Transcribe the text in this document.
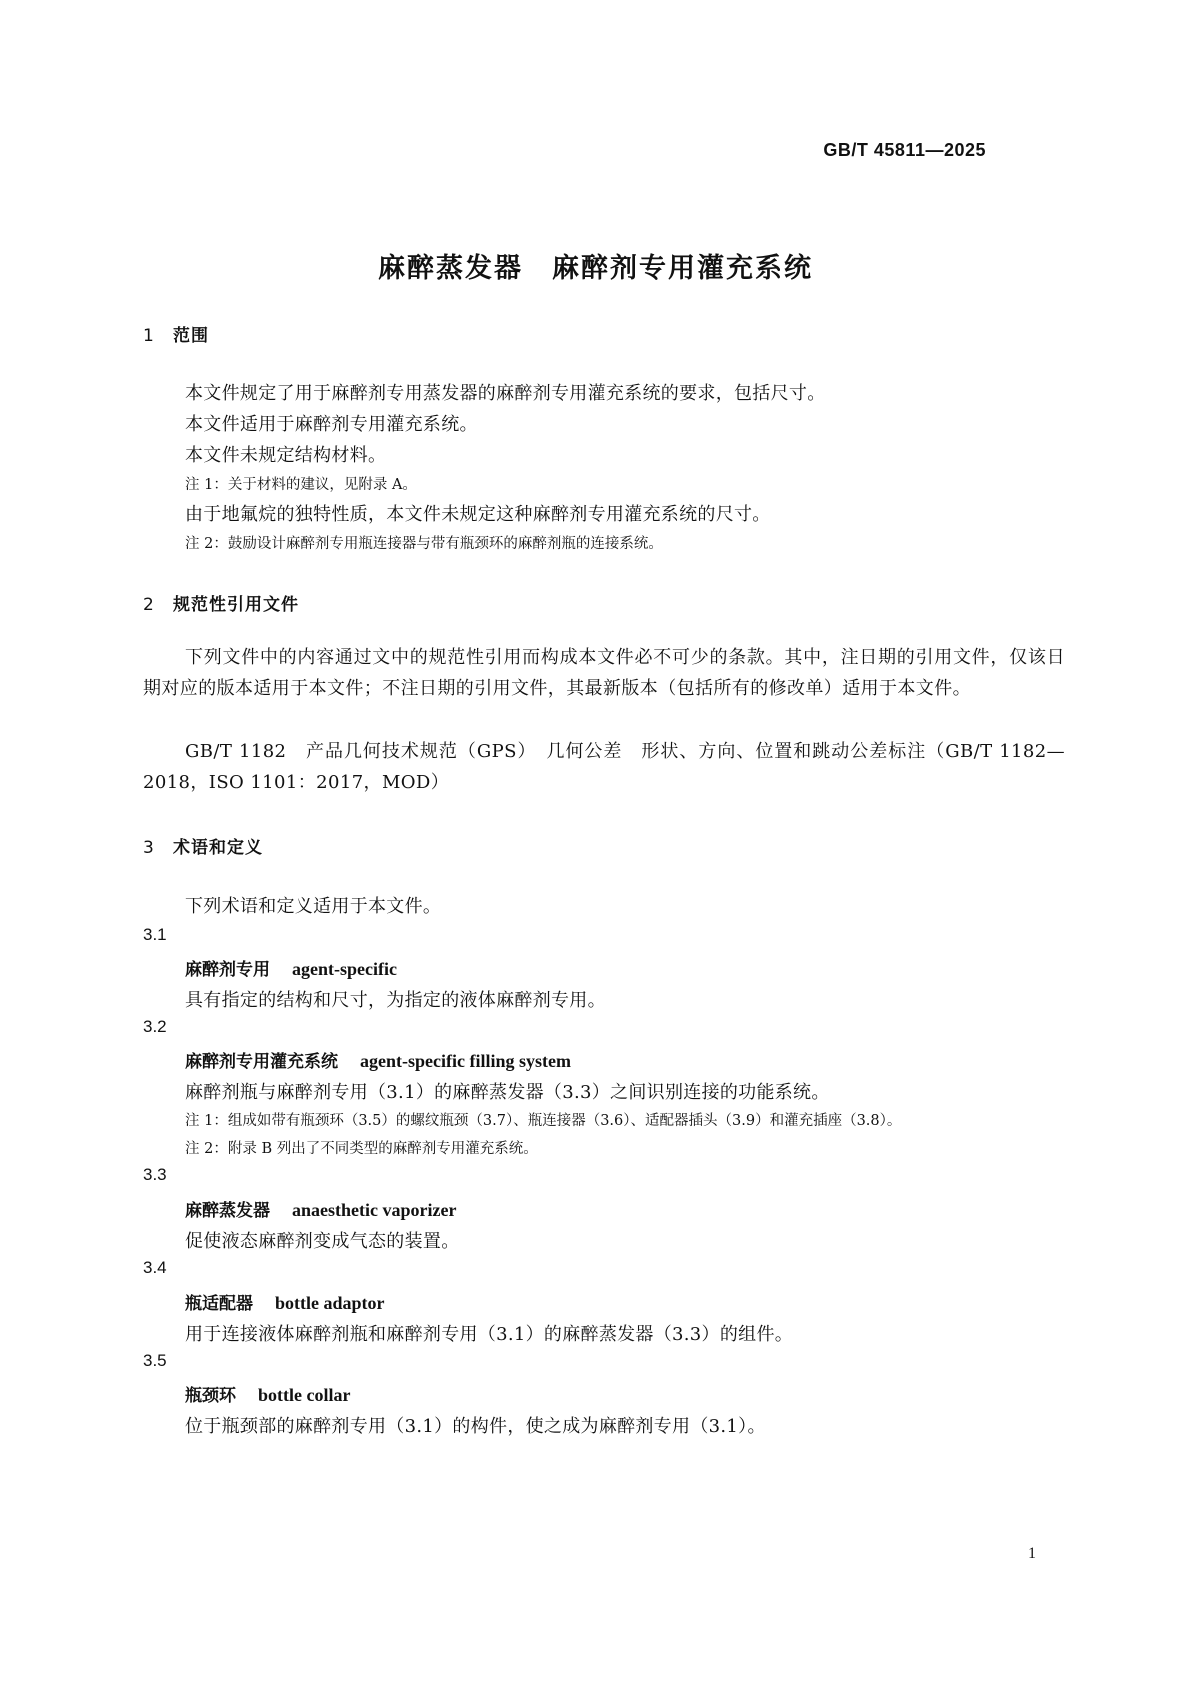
GB/T 45811—2025
麻醉蒸发器　麻醉剂专用灌充系统
1 范围
本文件规定了用于麻醉剂专用蒸发器的麻醉剂专用灌充系统的要求，包括尺寸。
本文件适用于麻醉剂专用灌充系统。
本文件未规定结构材料。
注 1：关于材料的建议，见附录 A。
由于地氟烷的独特性质，本文件未规定这种麻醉剂专用灌充系统的尺寸。
注 2：鼓励设计麻醉剂专用瓶连接器与带有瓶颈环的麻醉剂瓶的连接系统。
2 规范性引用文件
下列文件中的内容通过文中的规范性引用而构成本文件必不可少的条款。其中，注日期的引用文件，仅该日期对应的版本适用于本文件；不注日期的引用文件，其最新版本（包括所有的修改单）适用于本文件。
GB/T 1182　产品几何技术规范（GPS）　几何公差　形状、方向、位置和跳动公差标注（GB/T 1182—2018，ISO 1101：2017，MOD）
3 术语和定义
下列术语和定义适用于本文件。
3.1
麻醉剂专用 agent-specific
具有指定的结构和尺寸，为指定的液体麻醉剂专用。
3.2
麻醉剂专用灌充系统 agent-specific filling system
麻醉剂瓶与麻醉剂专用（3.1）的麻醉蒸发器（3.3）之间识别连接的功能系统。
注 1：组成如带有瓶颈环（3.5）的螺纹瓶颈（3.7）、瓶连接器（3.6）、适配器插头（3.9）和灌充插座（3.8）。
注 2：附录 B 列出了不同类型的麻醉剂专用灌充系统。
3.3
麻醉蒸发器 anaesthetic vaporizer
促使液态麻醉剂变成气态的装置。
3.4
瓶适配器 bottle adaptor
用于连接液体麻醉剂瓶和麻醉剂专用（3.1）的麻醉蒸发器（3.3）的组件。
3.5
瓶颈环 bottle collar
位于瓶颈部的麻醉剂专用（3.1）的构件，使之成为麻醉剂专用（3.1）。
1
